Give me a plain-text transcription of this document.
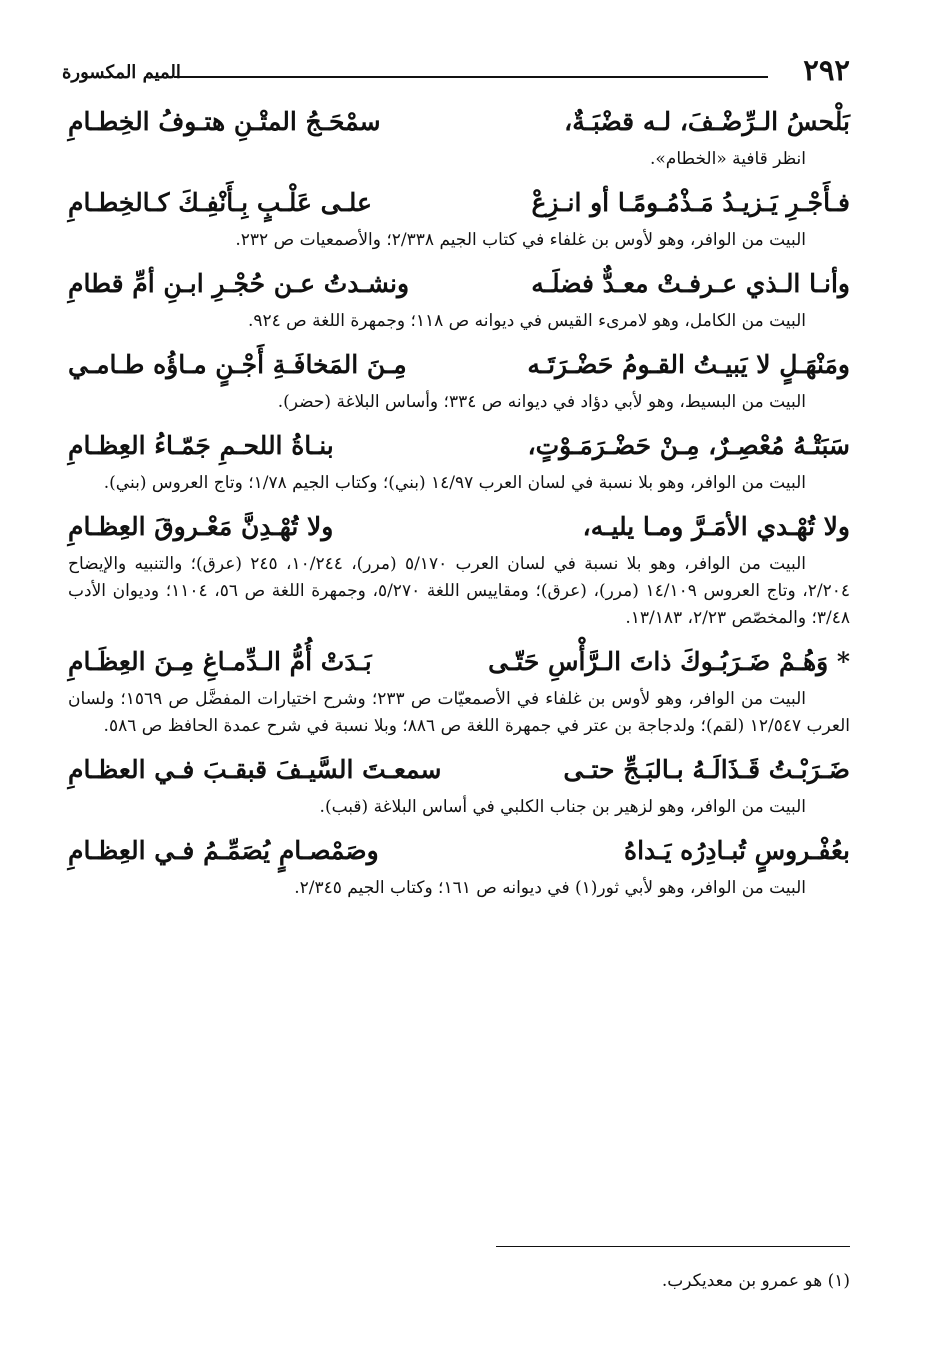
٢٩٢
الميم المكسورة
بَلْحسُ الـرِّضْـفَ، لـه قضْبَـةٌ،
سمْحَـجُ المتْـنِ هتـوفُ الخِطـامِ
انظر قافية «الخطام».
فـأَجْـرِ يَـزيـدُ مَـذْمُـومًـا أو انـزِعْ
علـى عَلْـبٍ بِـأَنْفِـكَ كـالخِطـامِ
البيت من الوافر، وهو لأوس بن غلفاء في كتاب الجيم ٢/٣٣٨؛ والأصمعيات ص ٢٣٢.
وأنـا الـذي عـرفـتْ معـدٌّ فضلَـه
ونشـدتُ عـن حُجْـرِ ابـنِ أمِّ قطامِ
البيت من الكامل، وهو لامرىء القيس في ديوانه ص ١١٨؛ وجمهرة اللغة ص ٩٢٤.
ومَنْهَـلٍ لا يَبيـتُ القـومُ حَضْـرَتَـه
مِـنَ المَخافَـةِ أَجْـنٍ مـاؤُه طـامـي
البيت من البسيط، وهو لأبي دؤاد في ديوانه ص ٣٣٤؛ وأساس البلاغة (حضر).
سَبَتْـهُ مُعْصِـرٌ، مِـنْ حَضْـرَمَـوْتٍ،
بنـاةُ اللحـمِ جَمّـاءُ العِظـامِ
البيت من الوافر، وهو بلا نسبة في لسان العرب ١٤/٩٧ (بني)؛ وكتاب الجيم ١/٧٨؛ وتاج العروس (بني).
ولا تُهْـدي الأمَـرَّ ومـا يليـه،
ولا تُهْـدِنَّ مَعْـروقَ العِظـامِ
البيت من الوافر، وهو بلا نسبة في لسان العرب ٥/١٧٠ (مرر)، ١٠/٢٤٤، ٢٤٥ (عرق)؛ والتنبيه والإيضاح ٢/٢٠٤، وتاج العروس ١٤/١٠٩ (مرر)، (عرق)؛ ومقاييس اللغة ٥/٢٧٠، وجمهرة اللغة ص ٥٦، ١١٠٤؛ وديوان الأدب ٣/٤٨؛ والمخصّص ٢/٢٣، ١٣/١٨٣.
* وَهُـمْ ضَـرَبُـوكَ ذاتَ الـرَّأْسِ حَتّـى
بَـدَتْ أُمُّ الـدِّمـاغِ مِـنَ العِظَـامِ
البيت من الوافر، وهو لأوس بن غلفاء في الأصمعيّات ص ٢٣٣؛ وشرح اختيارات المفضَّل ص ١٥٦٩؛ ولسان العرب ١٢/٥٤٧ (لقم)؛ ولدجاجة بن عتر في جمهرة اللغة ص ٨٨٦؛ وبلا نسبة في شرح عمدة الحافظ ص ٥٨٦.
ضَـرَبْـتُ قَـذَالَـهُ بـالبَـجِّ حتـى
سمعـتَ السَّيـفَ قبقـبَ فـي العظـامِ
البيت من الوافر، وهو لزهير بن جناب الكلبي في أساس البلاغة (قبب).
بعُفْـروسٍ تُبـادِرُه يَـداهُ
وصَمْصـامٍ يُصَمِّـمُ فـي العِظـامِ
البيت من الوافر، وهو لأبي ثور(١) في ديوانه ص ١٦١؛ وكتاب الجيم ٢/٣٤٥.
(١) هو عمرو بن معديكرب.
